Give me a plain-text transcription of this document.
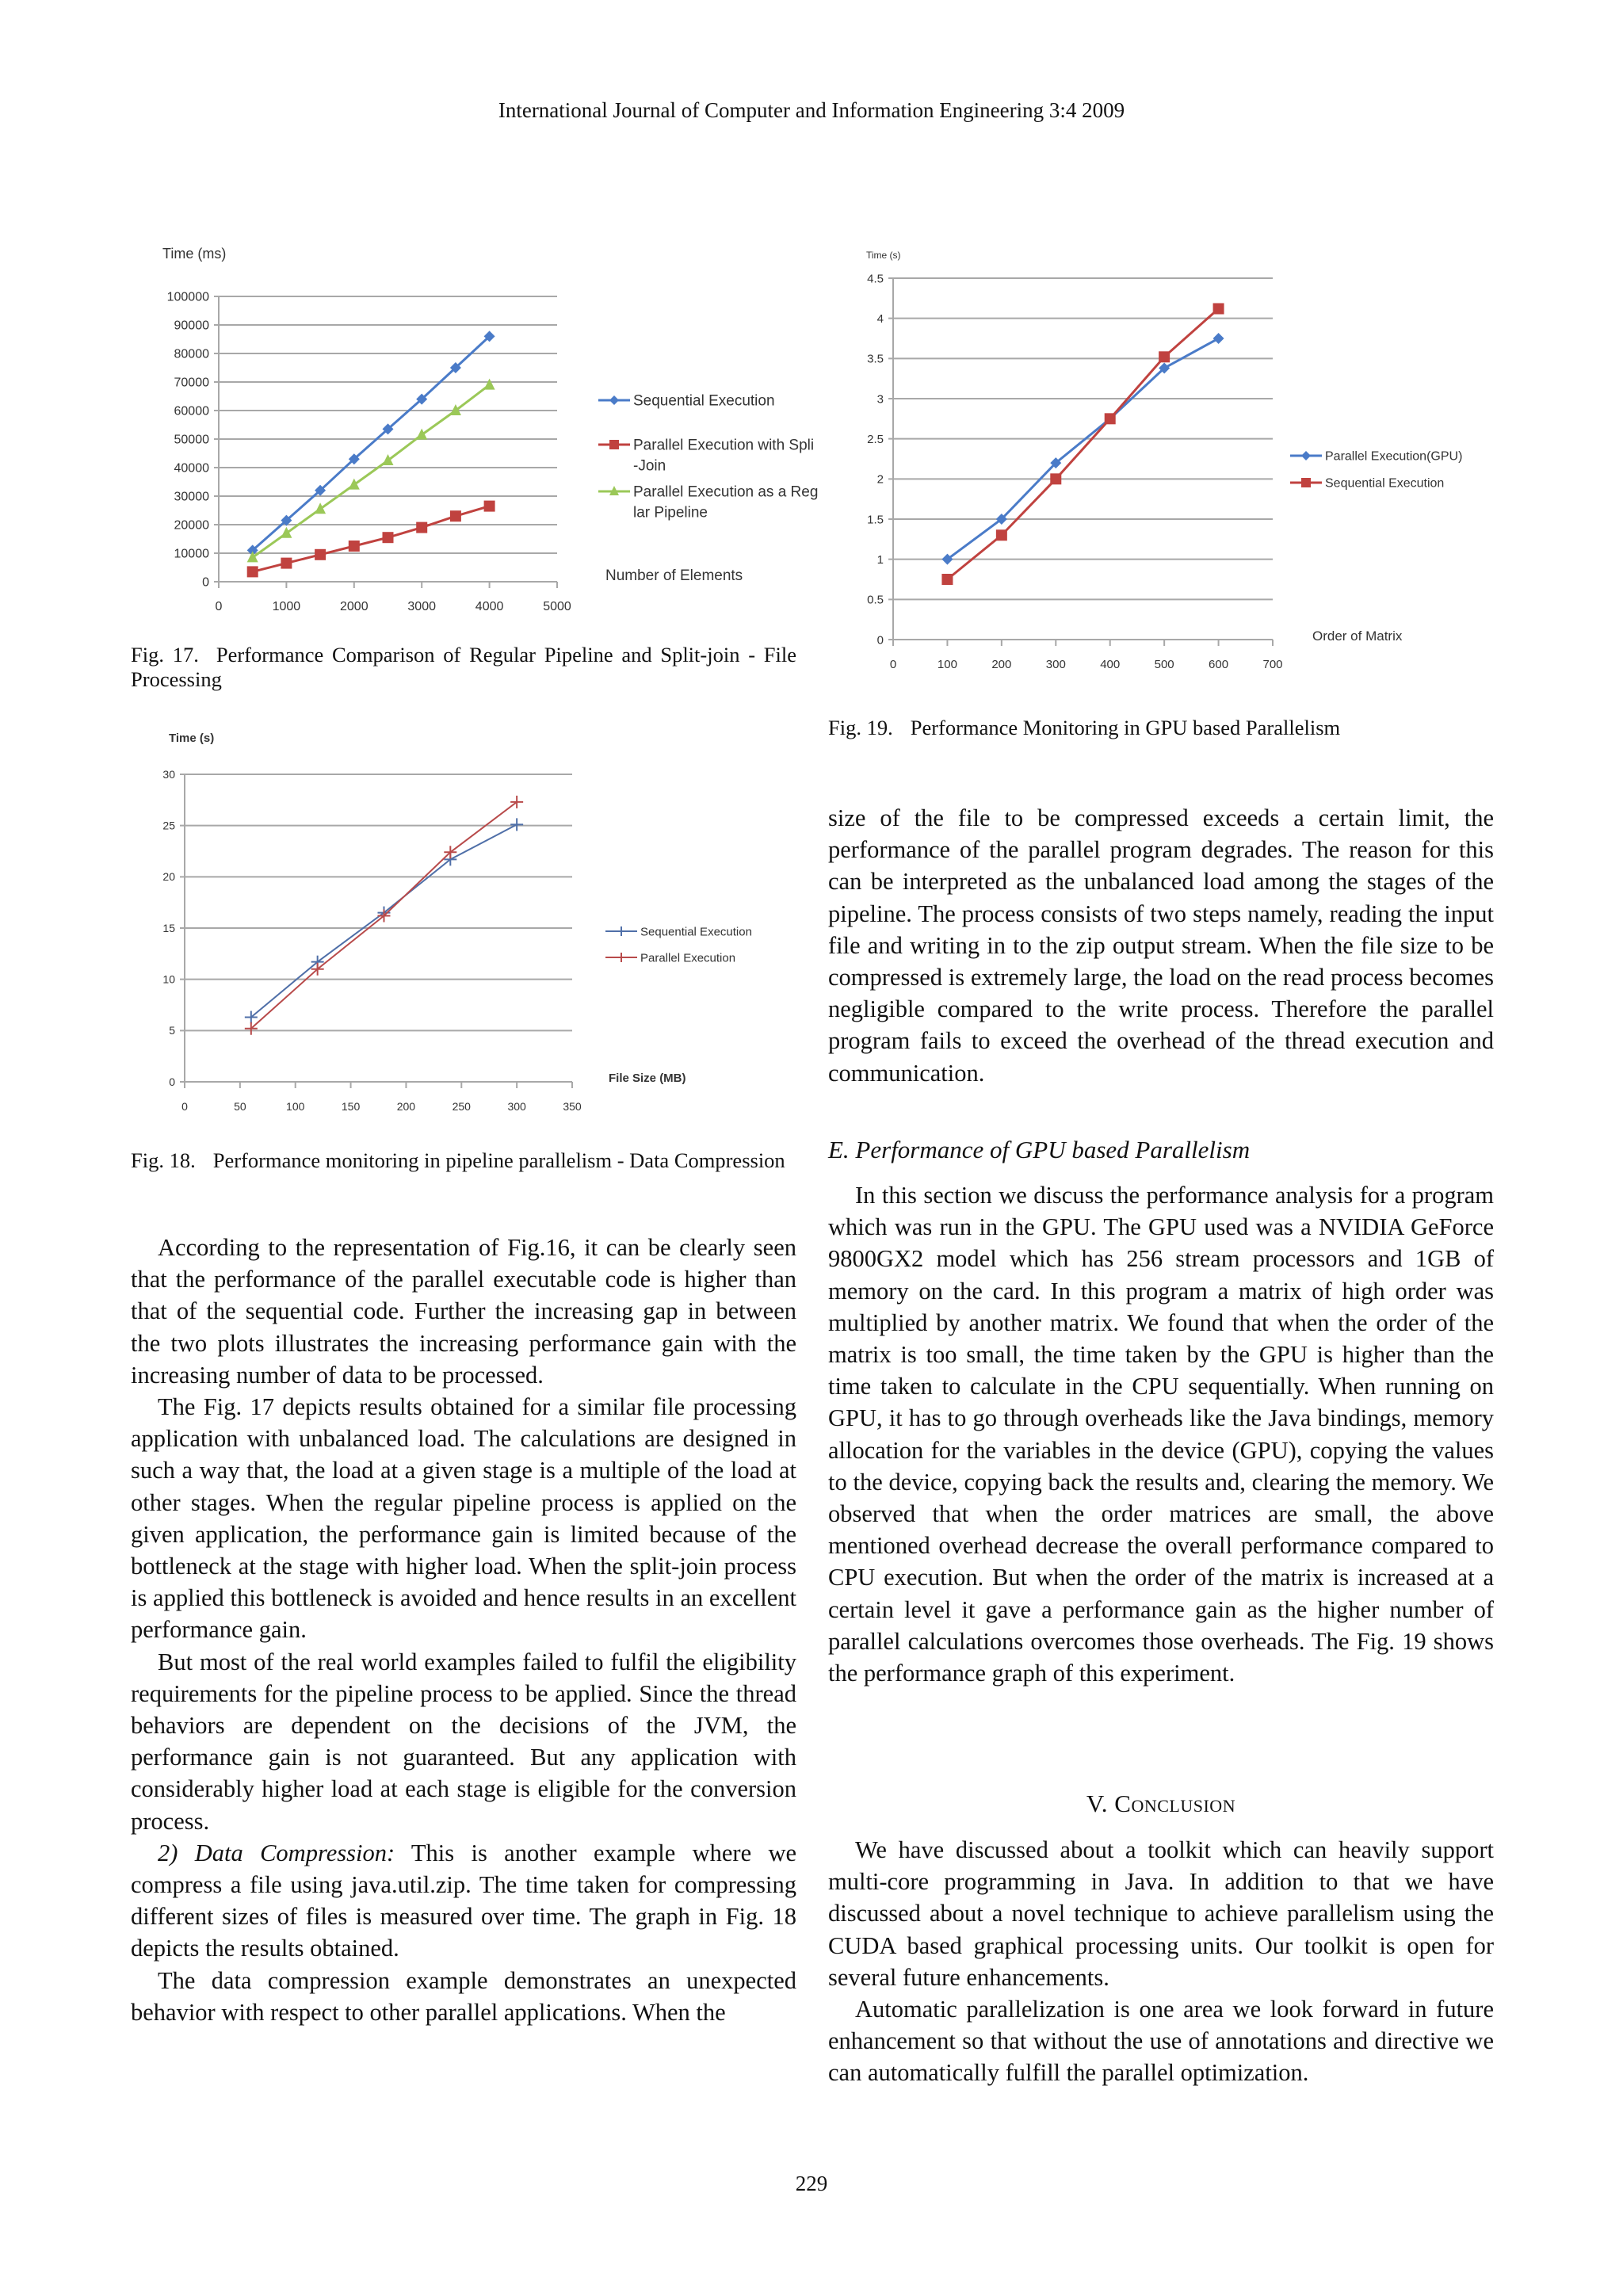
International Journal of Computer and Information Engineering 3:4 2009
0
10000
20000
30000
40000
50000
60000
70000
80000
90000
100000
0	1000	2000	3000	4000	5000
Time (ms)
Number of Elements
Sequential Execution
Parallel Execution with Spli -Join
Parallel Execution as a Reg lar Pipeline
0
5
10
15
20
25
30
0	50	100	150	200	250	300	350
Time (s)
File Size (MB)
Sequential Execution
Parallel Execution
0
0.5
1
1.5
2
2.5
3
3.5
4
4.5
0	100	200	300	400	500	600	700
Time (s)
Order of Matrix
Parallel Execution(GPU)
Sequential Execution
Fig. 17. Performance Comparison of Regular Pipeline and Split-join - File Processing
Fig. 18. Performance monitoring in pipeline parallelism - Data Compression
Fig. 19. Performance Monitoring in GPU based Parallelism

According to the representation of Fig.16, it can be clearly seen that the performance of the parallel executable code is higher than that of the sequential code. Further the increasing gap in between the two plots illustrates the increasing performance gain with the increasing number of data to be processed.

The Fig. 17 depicts results obtained for a similar file processing application with unbalanced load. The calculations are designed in such a way that, the load at a given stage is a multiple of the load at other stages. When the regular pipeline process is applied on the given application, the performance gain is limited because of the bottleneck at the stage with higher load. When the split-join process is applied this bottleneck is avoided and hence results in an excellent performance gain.

But most of the real world examples failed to fulfil the eligibility requirements for the pipeline process to be applied. Since the thread behaviors are dependent on the decisions of the JVM, the performance gain is not guaranteed. But any application with considerably higher load at each stage is eligible for the conversion process.

2) Data Compression: This is another example where we compress a file using java.util.zip. The time taken for compressing different sizes of files is measured over time. The graph in Fig. 18 depicts the results obtained.

The data compression example demonstrates an unexpected behavior with respect to other parallel applications. When the

size of the file to be compressed exceeds a certain limit, the performance of the parallel program degrades. The reason for this can be interpreted as the unbalanced load among the stages of the pipeline. The process consists of two steps namely, reading the input file and writing in to the zip output stream. When the file size to be compressed is extremely large, the load on the read process becomes negligible compared to the write process. Therefore the parallel program fails to exceed the overhead of the thread execution and communication.

E. Performance of GPU based Parallelism

In this section we discuss the performance analysis for a program which was run in the GPU. The GPU used was a NVIDIA GeForce 9800GX2 model which has 256 stream processors and 1GB of memory on the card. In this program a matrix of high order was multiplied by another matrix. We found that when the order of the matrix is too small, the time taken by the GPU is higher than the time taken to calculate in the CPU sequentially. When running on GPU, it has to go through overheads like the Java bindings, memory allocation for the variables in the device (GPU), copying the values to the device, copying back the results and, clearing the memory. We observed that when the order matrices are small, the above mentioned overhead decrease the overall performance compared to CPU execution. But when the order of the matrix is increased at a certain level it gave a performance gain as the higher number of parallel calculations overcomes those overheads. The Fig. 19 shows the performance graph of this experiment.

V. Conclusion

We have discussed about a toolkit which can heavily support multi-core programming in Java. In addition to that we have discussed about a novel technique to achieve parallelism using the CUDA based graphical processing units. Our toolkit is open for several future enhancements.

Automatic parallelization is one area we look forward in future enhancement so that without the use of annotations and directive we can automatically fulfill the parallel optimization.

229
